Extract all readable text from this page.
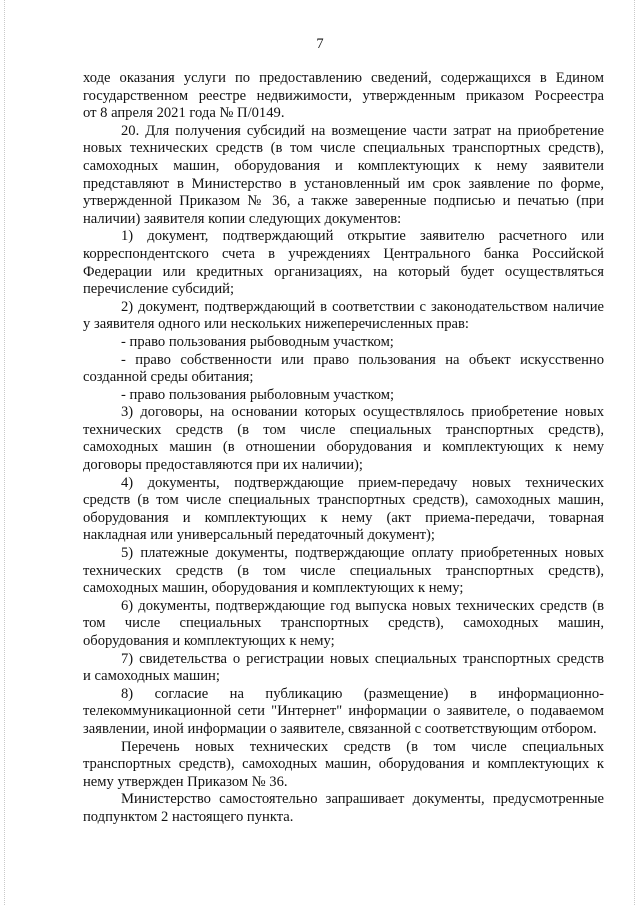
7
ходе оказания услуги по предоставлению сведений, содержащихся в Едином
государственном реестре недвижимости, утвержденным приказом Росреестра
от 8 апреля 2021 года № П/0149.
20. Для получения субсидий на возмещение части затрат на приобретение
новых технических средств (в том числе специальных транспортных средств),
самоходных машин, оборудования и комплектующих к нему заявители
представляют в Министерство в установленный им срок заявление по форме,
утвержденной Приказом № 36, а также заверенные подписью и печатью (при
наличии) заявителя копии следующих документов:
1) документ, подтверждающий открытие заявителю расчетного или
корреспондентского счета в учреждениях Центрального банка Российской
Федерации или кредитных организациях, на который будет осуществляться
перечисление субсидий;
2) документ, подтверждающий в соответствии с законодательством наличие
у заявителя одного или нескольких нижеперечисленных прав:
- право пользования рыбоводным участком;
- право собственности или право пользования на объект искусственно
созданной среды обитания;
- право пользования рыболовным участком;
3) договоры, на основании которых осуществлялось приобретение новых
технических средств (в том числе специальных транспортных средств),
самоходных машин (в отношении оборудования и комплектующих к нему
договоры предоставляются при их наличии);
4) документы, подтверждающие прием-передачу новых технических
средств (в том числе специальных транспортных средств), самоходных машин,
оборудования и комплектующих к нему (акт приема-передачи, товарная
накладная или универсальный передаточный документ);
5) платежные документы, подтверждающие оплату приобретенных новых
технических средств (в том числе специальных транспортных средств),
самоходных машин, оборудования и комплектующих к нему;
6) документы, подтверждающие год выпуска новых технических средств (в
том числе специальных транспортных средств), самоходных машин,
оборудования и комплектующих к нему;
7) свидетельства о регистрации новых специальных транспортных средств
и самоходных машин;
8) согласие на публикацию (размещение) в информационно-
телекоммуникационной сети "Интернет" информации о заявителе, о подаваемом
заявлении, иной информации о заявителе, связанной с соответствующим отбором.
Перечень новых технических средств (в том числе специальных
транспортных средств), самоходных машин, оборудования и комплектующих к
нему утвержден Приказом № 36.
Министерство самостоятельно запрашивает документы, предусмотренные
подпунктом 2 настоящего пункта.
